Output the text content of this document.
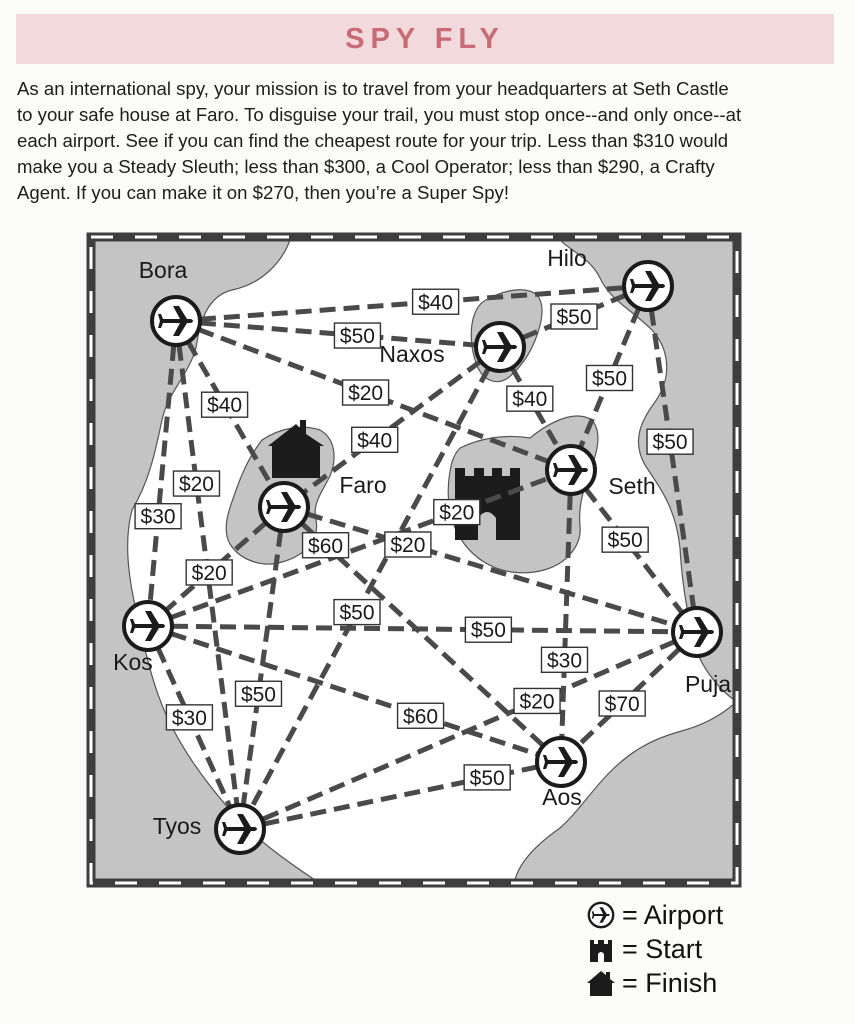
SPY FLY
As an international spy, your mission is to travel from your headquarters at Seth Castle
to your safe house at Faro. To disguise your trail, you must stop once--and only once--at
each airport. See if you can find the cheapest route for your trip. Less than $310 would
make you a Steady Sleuth; less than $300, a Cool Operator; less than $290, a Crafty
Agent. If you can make it on $270, then you’re a Super Spy!
$40
$50
$20
$40
$20
$30
$50
$50
$50
$40
$40
$50
$20
$20
$50
$60	$50
$30
$50
$60
$30
$70
$20
$50
$20
Bora	Hilo
Naxos
Faro	Seth
Kos
Puja
Aos
Tyos
= Airport
= Start
= Finish
